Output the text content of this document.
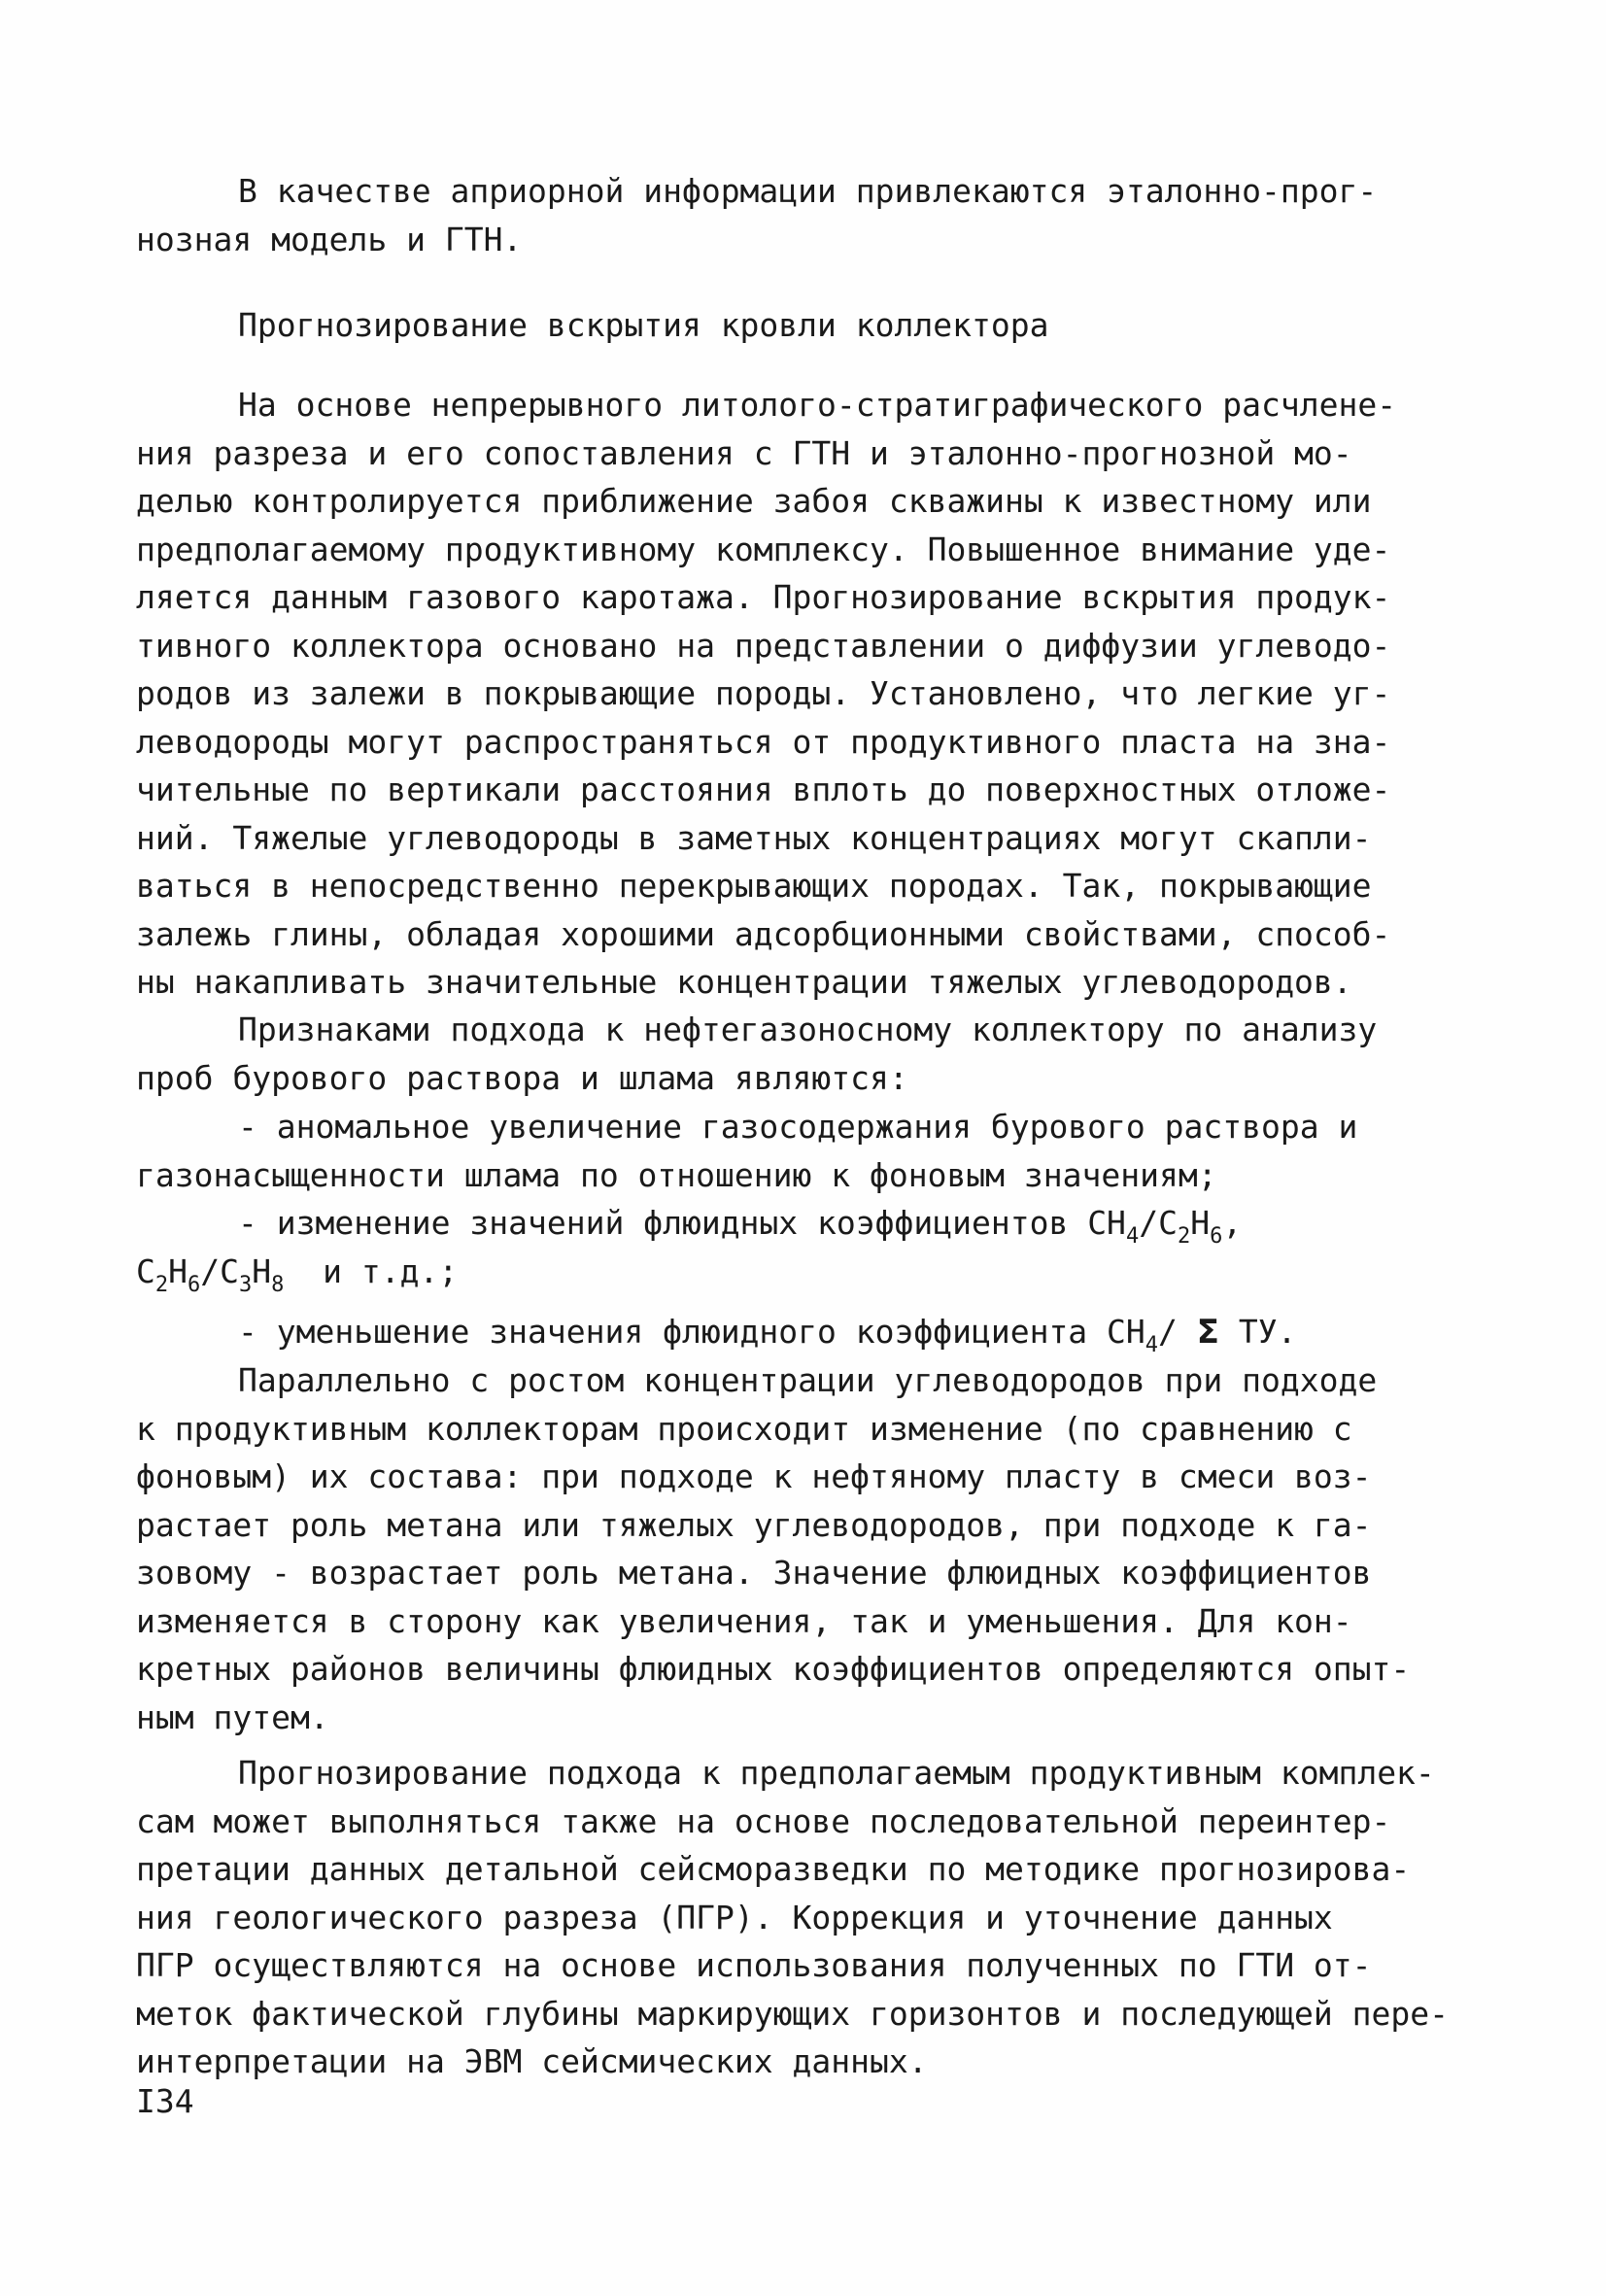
В качестве априорной информации привлекаются эталонно-прог-
нозная модель и ГТН.
Прогнозирование вскрытия кровли коллектора
На основе непрерывного литолого-стратиграфического расчлене-
ния разреза и его сопоставления с ГТН и эталонно-прогнозной мо-
делью контролируется приближение забоя скважины к известному или
предполагаемому продуктивному комплексу. Повышенное внимание уде-
ляется данным газового каротажа. Прогнозирование вскрытия продук-
тивного коллектора основано на представлении о диффузии углеводо-
родов из залежи в покрывающие породы. Установлено, что легкие уг-
леводороды могут распространяться от продуктивного пласта на зна-
чительные по вертикали расстояния вплоть до поверхностных отложе-
ний. Тяжелые углеводороды в заметных концентрациях могут скапли-
ваться в непосредственно перекрывающих породах. Так, покрывающие
залежь глины, обладая хорошими адсорбционными свойствами, способ-
ны накапливать значительные концентрации тяжелых углеводородов.
Признаками подхода к нефтегазоносному коллектору по анализу
проб бурового раствора и шлама являются:
- аномальное увеличение газосодержания бурового раствора и
газонасыщенности шлама по отношению к фоновым значениям;
- изменение значений флюидных коэффициентов $CH_4/C_2H_6$,
$C_2H_6/C_3H_8$  и т.д.;
- уменьшение значения флюидного коэффициента $CH_4/$ Σ ТУ.
Параллельно с ростом концентрации углеводородов при подходе
к продуктивным коллекторам происходит изменение (по сравнению с
фоновым) их состава: при подходе к нефтяному пласту в смеси воз-
растает роль метана или тяжелых углеводородов, при подходе к га-
зовому - возрастает роль метана. Значение флюидных коэффициентов
изменяется в сторону как увеличения, так и уменьшения. Для кон-
кретных районов величины флюидных коэффициентов определяются опыт-
ным путем.
Прогнозирование подхода к предполагаемым продуктивным комплек-
сам может выполняться также на основе последовательной переинтер-
претации данных детальной сейсморазведки по методике прогнозирова-
ния геологического разреза (ПГР). Коррекция и уточнение данных
ПГР осуществляются на основе использования полученных по ГТИ от-
меток фактической глубины маркирующих горизонтов и последующей пере-
интерпретации на ЭВМ сейсмических данных.
I34
